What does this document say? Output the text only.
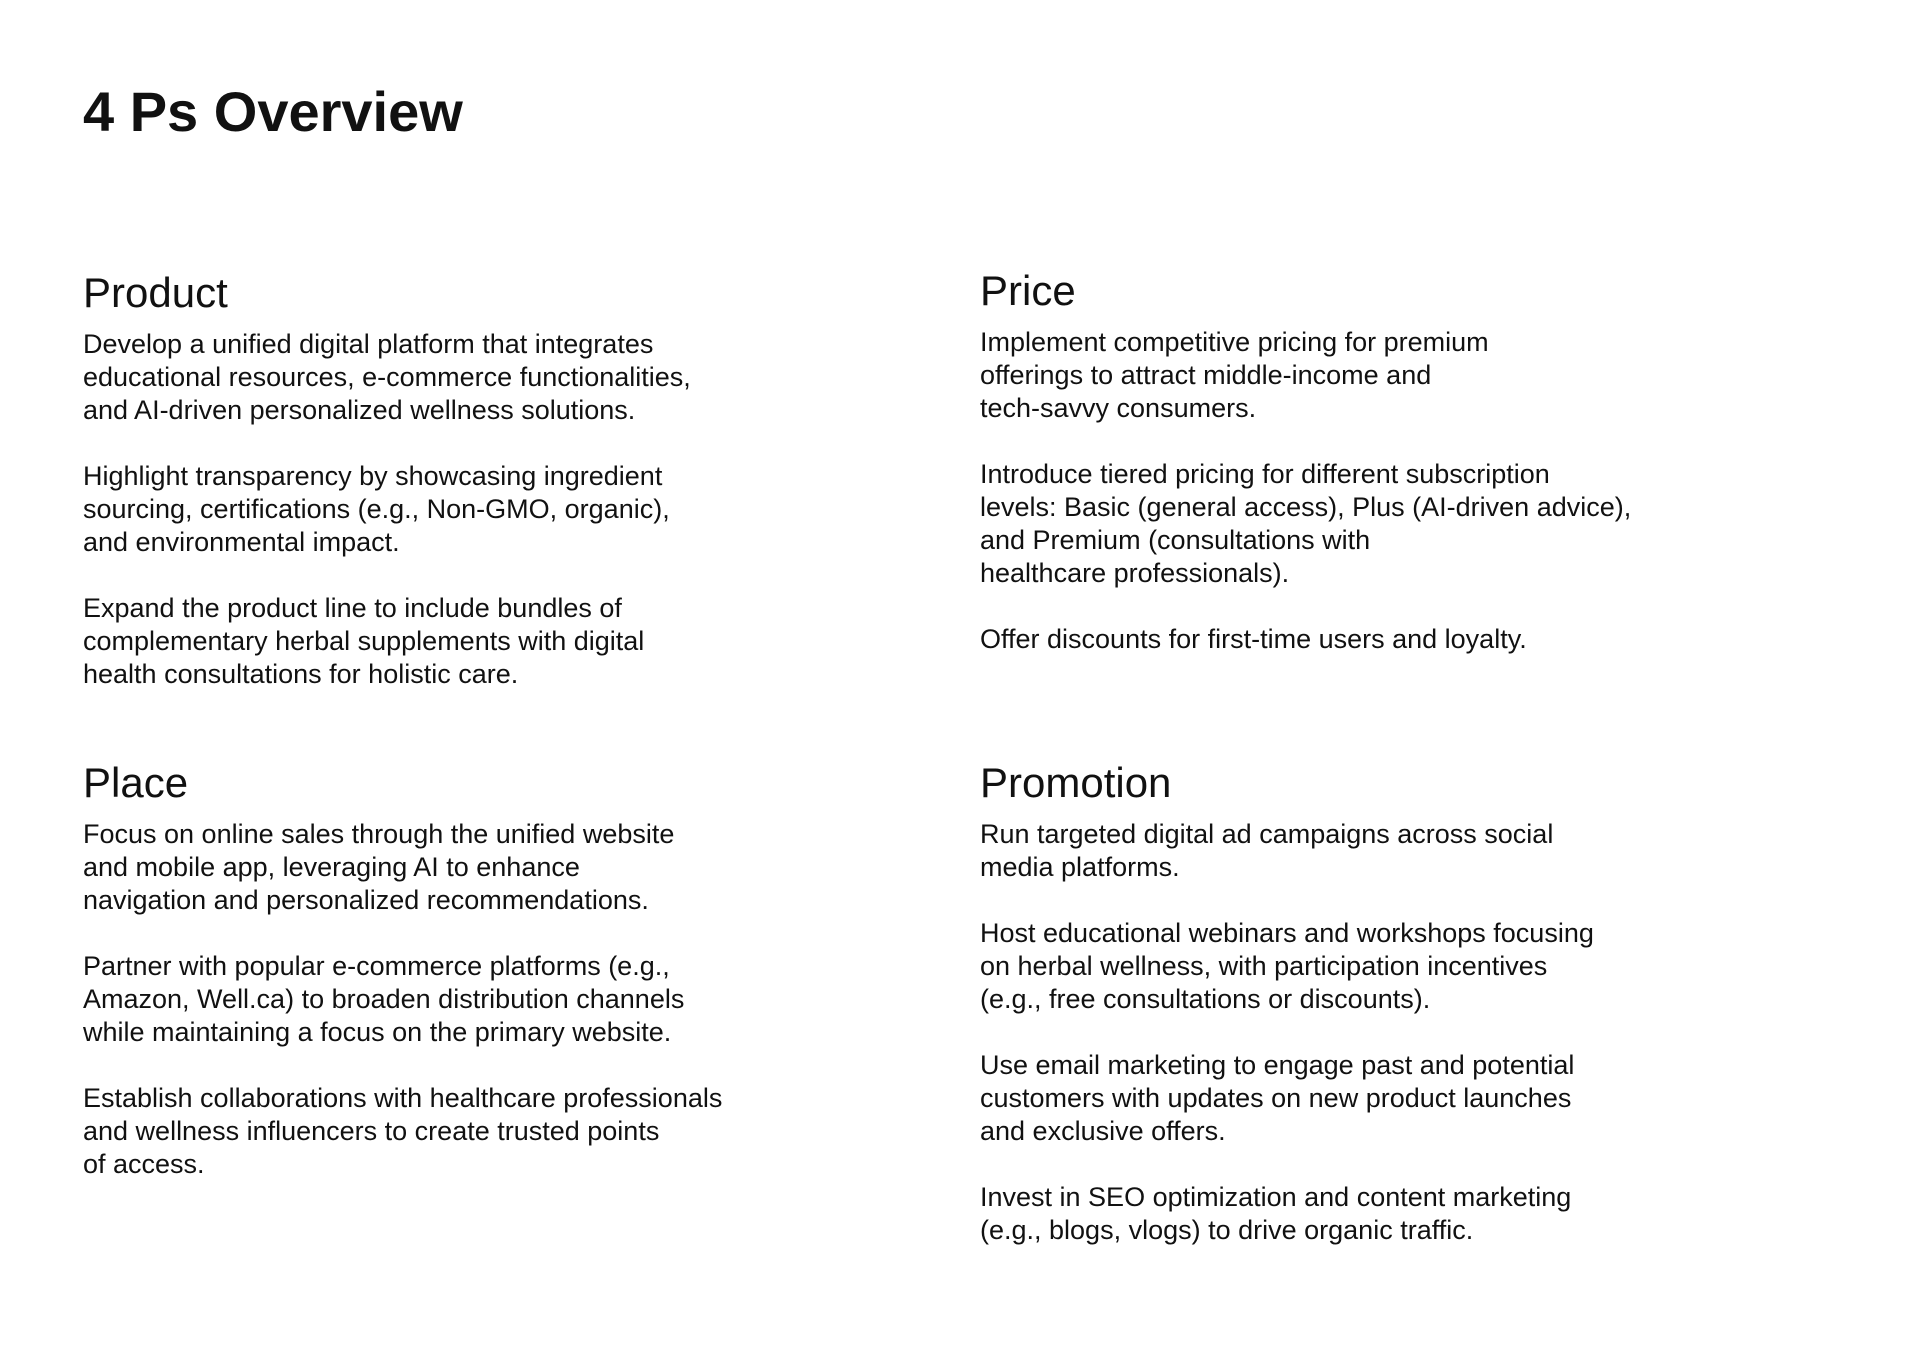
4 Ps Overview
Product

Develop a unified digital platform that integrates
educational resources, e-commerce functionalities,
and AI-driven personalized wellness solutions.

Highlight transparency by showcasing ingredient
sourcing, certifications (e.g., Non-GMO, organic),
and environmental impact.

Expand the product line to include bundles of
complementary herbal supplements with digital
health consultations for holistic care.

Price

Implement competitive pricing for premium
offerings to attract middle-income and
tech-savvy consumers.

Introduce tiered pricing for different subscription
levels: Basic (general access), Plus (AI-driven advice),
and Premium (consultations with
healthcare professionals).

Offer discounts for first-time users and loyalty.

Place

Focus on online sales through the unified website
and mobile app, leveraging AI to enhance
navigation and personalized recommendations.

Partner with popular e-commerce platforms (e.g.,
Amazon, Well.ca) to broaden distribution channels
while maintaining a focus on the primary website.

Establish collaborations with healthcare professionals
and wellness influencers to create trusted points
of access.

Promotion

Run targeted digital ad campaigns across social
media platforms.

Host educational webinars and workshops focusing
on herbal wellness, with participation incentives
(e.g., free consultations or discounts).

Use email marketing to engage past and potential
customers with updates on new product launches
and exclusive offers.

Invest in SEO optimization and content marketing
(e.g., blogs, vlogs) to drive organic traffic.
